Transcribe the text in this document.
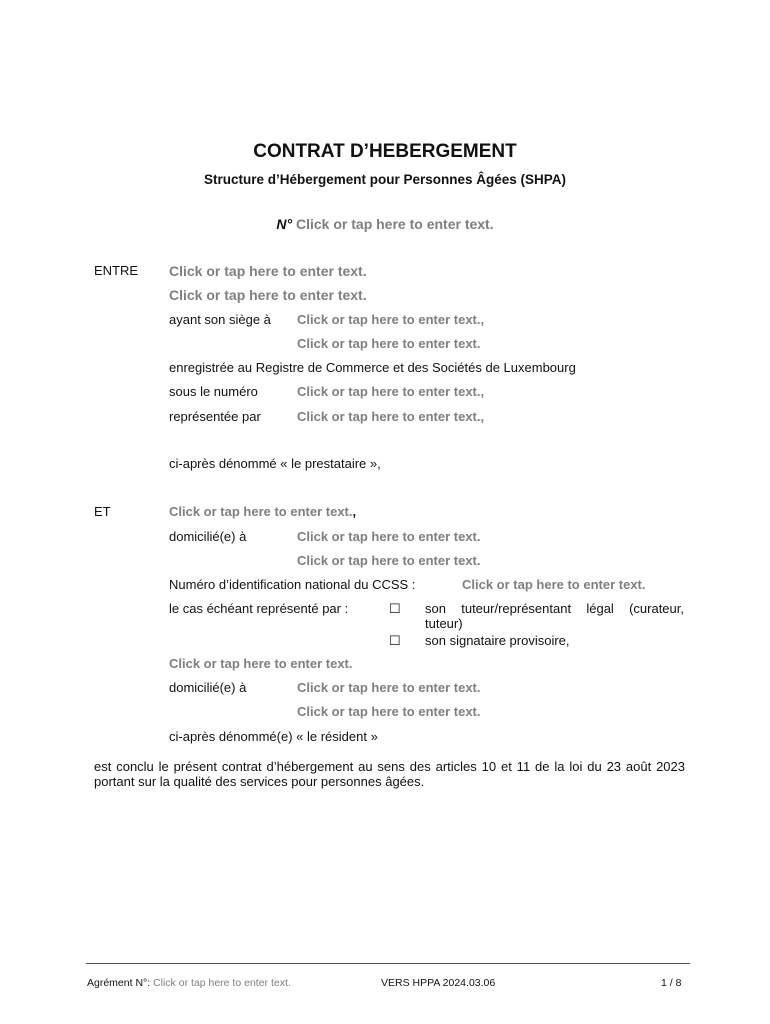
CONTRAT D’HEBERGEMENT
Structure d’Hébergement pour Personnes Âgées (SHPA)
N° Click or tap here to enter text.
ENTRE Click or tap here to enter text.
Click or tap here to enter text.
ayant son siège à Click or tap here to enter text.,
Click or tap here to enter text.
enregistrée au Registre de Commerce et des Sociétés de Luxembourg
sous le numéro	Click or tap here to enter text.,
représentée par	Click or tap here to enter text.,
ci-après dénommé « le prestataire »,
ET	Click or tap here to enter text.,
domicilié(e) à	Click or tap here to enter text.
Click or tap here to enter text.
Numéro d’identification national du CCSS :	Click or tap here to enter text.
le cas échéant représenté par :	☐ son tuteur/représentant légal (curateur,
tuteur)
☐ son signataire provisoire,
Click or tap here to enter text.
domicilié(e) à	Click or tap here to enter text.
Click or tap here to enter text.
ci-après dénommé(e) « le résident »
est conclu le présent contrat d’hébergement au sens des articles 10 et 11 de la loi du 23 août 2023 portant sur la qualité des services pour personnes âgées.
Agrément N°: Click or tap here to enter text.	VERS HPPA 2024.03.06	1 / 8
